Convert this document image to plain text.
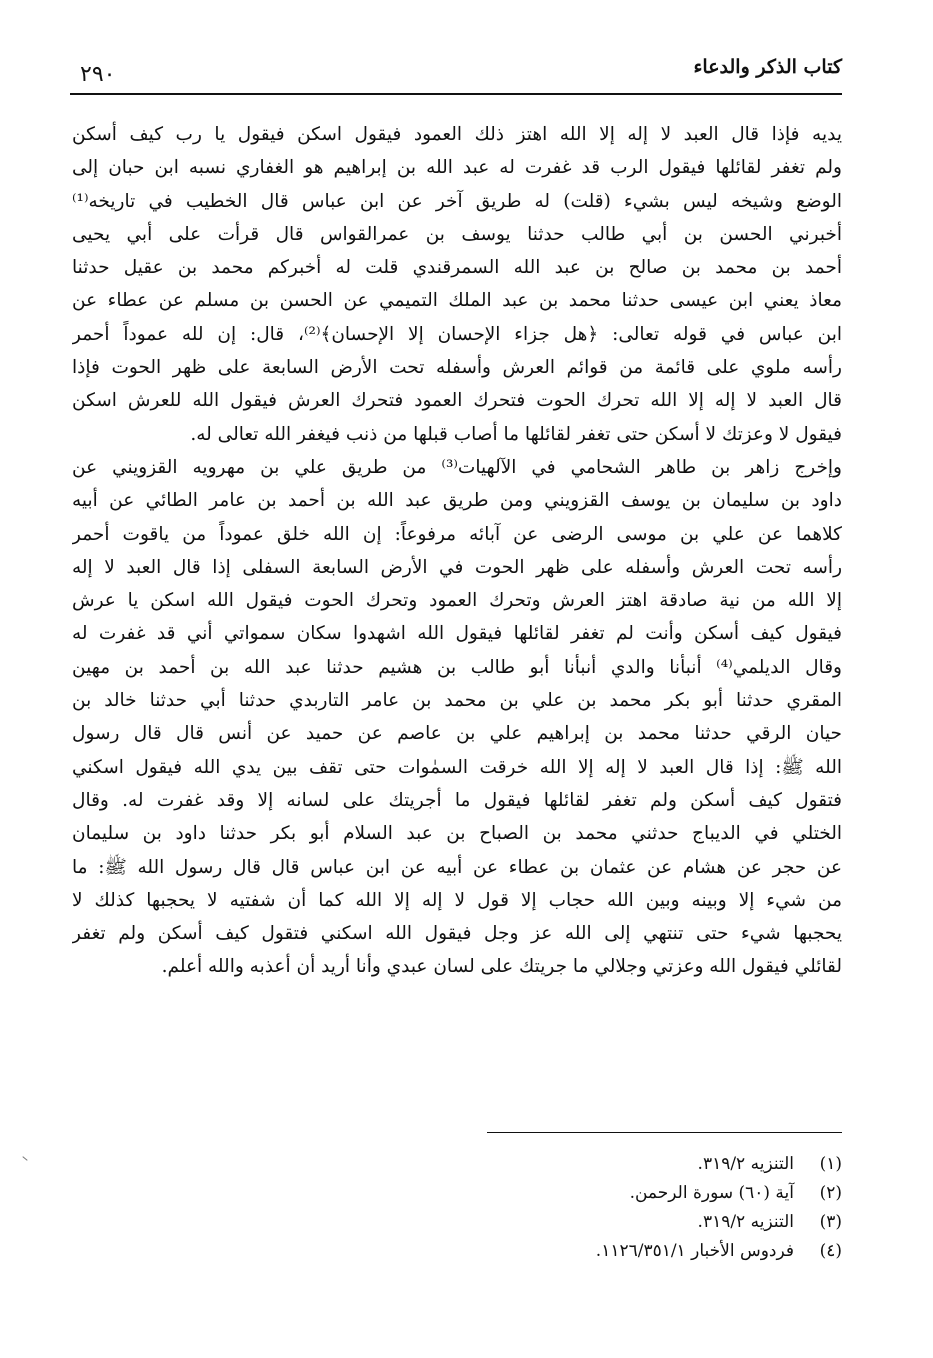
كتاب الذكر والدعاء
٢٩٠
يديه فإذا قال العبد لا إله إلا الله اهتز ذلك العمود فيقول اسكن فيقول يا رب كيف أسكن
ولم تغفر لقائلها فيقول الرب قد غفرت له عبد الله بن إبراهيم هو الغفاري نسبه ابن حبان إلى
الوضع وشيخه ليس بشيء (قلت) له طريق آخر عن ابن عباس قال الخطيب في تاريخه⁽¹⁾
أخبرني الحسن بن أبي طالب حدثنا يوسف بن عمرالقواس قال قرأت على أبي يحيى
أحمد بن محمد بن صالح بن عبد الله السمرقندي قلت له أخبركم محمد بن عقيل حدثنا
معاذ يعني ابن عيسى حدثنا محمد بن عبد الملك التميمي عن الحسن بن مسلم عن عطاء عن
ابن عباس في قوله تعالى: ﴿هل جزاء الإحسان إلا الإحسان﴾⁽²⁾، قال: إن لله عموداً أحمر
رأسه ملوي على قائمة من قوائم العرش وأسفله تحت الأرض السابعة على ظهر الحوت فإذا
قال العبد لا إله إلا الله تحرك الحوت فتحرك العمود فتحرك العرش فيقول الله للعرش اسكن
فيقول لا وعزتك لا أسكن حتى تغفر لقائلها ما أصاب قبلها من ذنب فيغفر الله تعالى له.
وإخرج زاهر بن طاهر الشحامي في الآلهيات⁽³⁾ من طريق علي بن مهرويه القزويني عن
داود بن سليمان بن يوسف القزويني ومن طريق عبد الله بن أحمد بن عامر الطائي عن أبيه
كلاهما عن علي بن موسى الرضى عن آبائه مرفوعاً: إن الله خلق عموداً من ياقوت أحمر
رأسه تحت العرش وأسفله على ظهر الحوت في الأرض السابعة السفلى إذا قال العبد لا إله
إلا الله من نية صادقة اهتز العرش وتحرك العمود وتحرك الحوت فيقول الله اسكن يا عرش
فيقول كيف أسكن وأنت لم تغفر لقائلها فيقول الله اشهدوا سكان سمواتي أني قد غفرت له
وقال الديلمي⁽⁴⁾ أنبأنا والدي أنبأنا أبو طالب بن هشيم حدثنا عبد الله بن أحمد بن مهين
المقري حدثنا أبو بكر محمد بن علي بن محمد بن عامر التاربدي حدثنا أبي حدثنا خالد بن
حيان الرقي حدثنا محمد بن إبراهيم علي بن عاصم عن حميد عن أنس قال قال رسول
الله ﷺ: إذا قال العبد لا إله إلا الله خرقت السمٰوات حتى تقف بين يدي الله فيقول اسكني
فتقول كيف أسكن ولم تغفر لقائلها فيقول ما أجريتك على لسانه إلا وقد غفرت له. وقال
الختلي في الديباج حدثني محمد بن الصباح بن عبد السلام أبو بكر حدثنا داود بن سليمان
عن حجر عن هشام عن عثمان بن عطاء عن أبيه عن ابن عباس قال قال رسول الله ﷺ: ما
من شيء إلا وبينه وبين الله حجاب إلا قول لا إله إلا الله كما أن شفتيه لا يحجبها كذلك لا
يحجبها شيء حتى تنتهي إلى الله عز وجل فيقول الله اسكني فتقول كيف أسكن ولم تغفر
لقائلي فيقول الله وعزتي وجلالي ما جريتك على لسان عبدي وأنا أريد أن أعذبه والله أعلم.
(١)التنزيه ٣١٩/٢.
(٢)آية (٦٠) سورة الرحمن.
(٣)التنزيه ٣١٩/٢.
(٤)فردوس الأخبار ١١٢٦/٣٥١/١.
